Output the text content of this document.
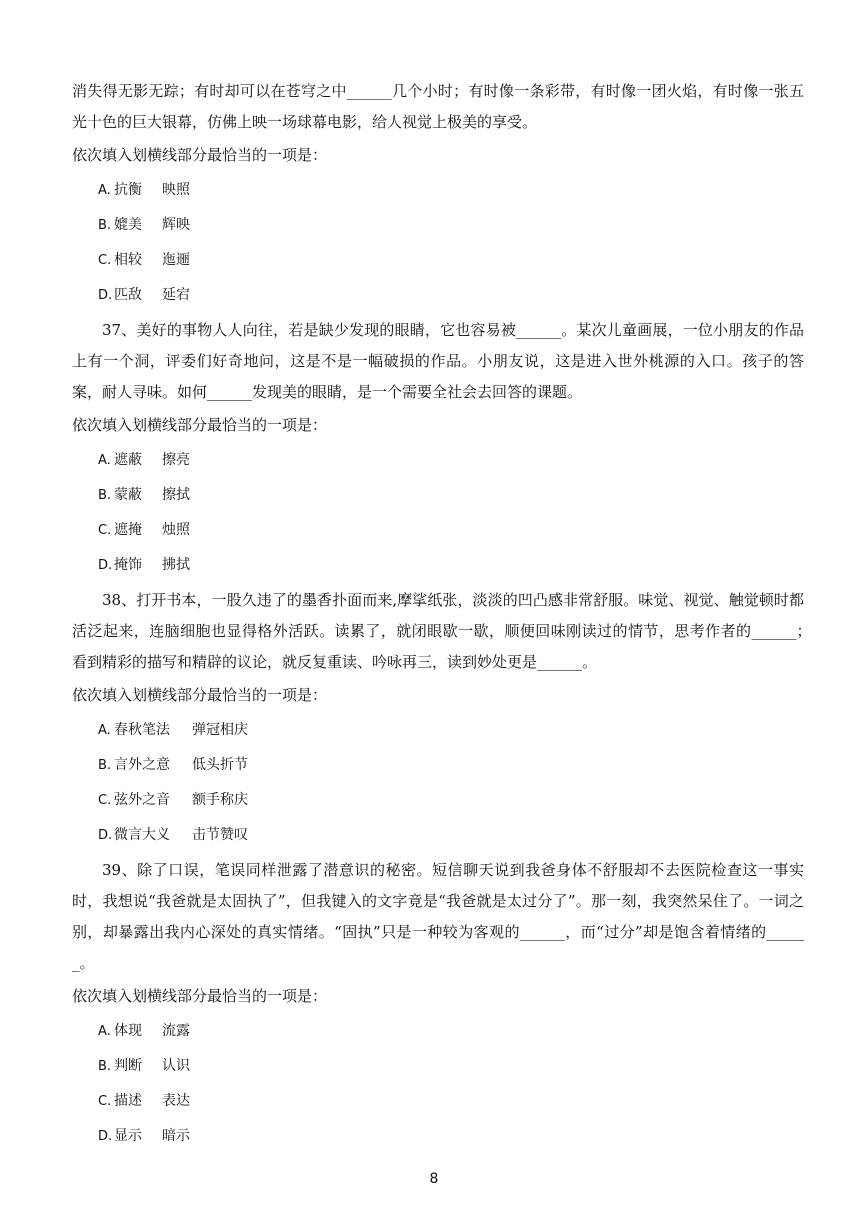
消失得无影无踪；有时却可以在苍穹之中______几个小时；有时像一条彩带，有时像一团火焰，有时像一张五光十色的巨大银幕，仿佛上映一场球幕电影，给人视觉上极美的享受。

依次填入划横线部分最恰当的一项是：

A. 抗衡 映照
B. 媲美 辉映
C. 相较 迤逦
D. 匹敌 延宕

37、美好的事物人人向往，若是缺少发现的眼睛，它也容易被______。某次儿童画展，一位小朋友的作品上有一个洞，评委们好奇地问，这是不是一幅破损的作品。小朋友说，这是进入世外桃源的入口。孩子的答案，耐人寻味。如何______发现美的眼睛，是一个需要全社会去回答的课题。

依次填入划横线部分最恰当的一项是：

A. 遮蔽 擦亮
B. 蒙蔽 擦拭
C. 遮掩 烛照
D. 掩饰 拂拭

38、打开书本，一股久违了的墨香扑面而来,摩挲纸张，淡淡的凹凸感非常舒服。味觉、视觉、触觉顿时都活泛起来，连脑细胞也显得格外活跃。读累了，就闭眼歇一歇，顺便回味刚读过的情节，思考作者的______；　看到精彩的描写和精辟的议论，就反复重读、吟咏再三，读到妙处更是______。

依次填入划横线部分最恰当的一项是：

A. 春秋笔法 弹冠相庆
B. 言外之意 低头折节
C. 弦外之音 额手称庆
D. 微言大义 击节赞叹

39、除了口误，笔误同样泄露了潜意识的秘密。短信聊天说到我爸身体不舒服却不去医院检查这一事实时，我想说“我爸就是太固执了”，但我键入的文字竟是“我爸就是太过分了”。那一刻，我突然呆住了。一词之别，却暴露出我内心深处的真实情绪。“固执”只是一种较为客观的______，而“过分”却是饱含着情绪的______。

依次填入划横线部分最恰当的一项是：

A. 体现 流露
B. 判断 认识
C. 描述 表达
D. 显示 暗示
8
